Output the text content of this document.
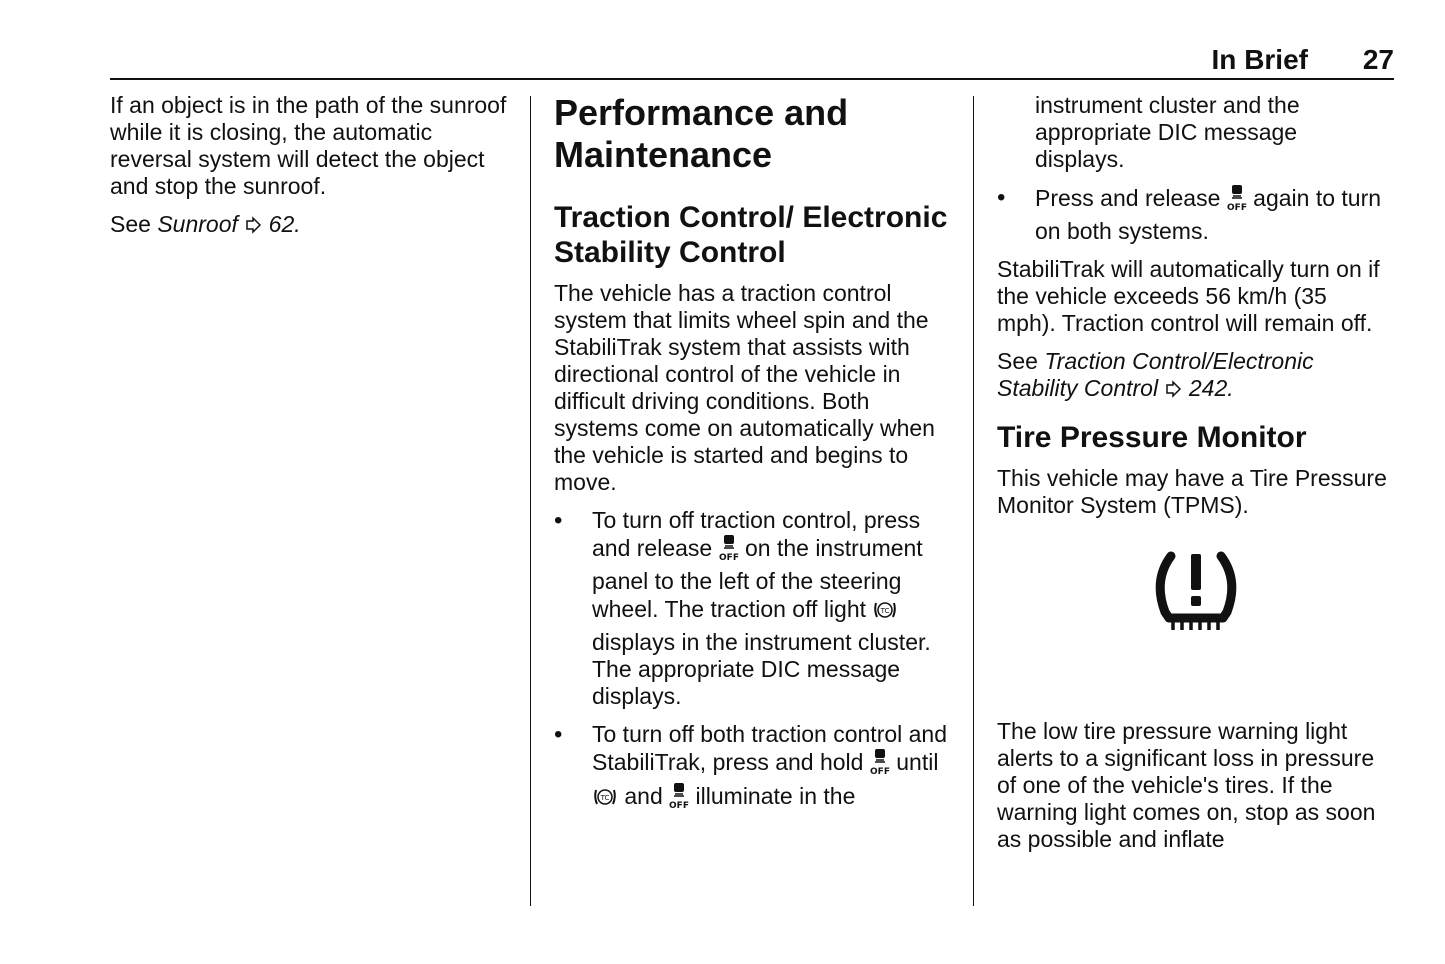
In Brief 27

If an object is in the path of the sunroof while it is closing, the automatic reversal system will detect the object and stop the sunroof.

See Sunroof 62.

Performance and Maintenance
Traction Control/ Electronic Stability Control

The vehicle has a traction control system that limits wheel spin and the StabiliTrak system that assists with directional control of the vehicle in difficult driving conditions. Both systems come on automatically when the vehicle is started and begins to move.

• To turn off traction control, press and release OFF on the instrument panel to the left of the steering wheel. The traction off light TC
displays in the instrument cluster. The appropriate DIC message displays.
• To turn off both traction control and StabiliTrak, press and hold OFF until
TC and OFF illuminate in the

instrument cluster and the appropriate DIC message displays.

• Press and release OFF again to turn on both systems.

StabiliTrak will automatically turn on if the vehicle exceeds 56 km/h (35 mph). Traction control will remain off.

See Traction Control/Electronic Stability Control 242.

Tire Pressure Monitor

This vehicle may have a Tire Pressure Monitor System (TPMS).

The low tire pressure warning light alerts to a significant loss in pressure of one of the vehicle's tires. If the warning light comes on, stop as soon as possible and inflate
